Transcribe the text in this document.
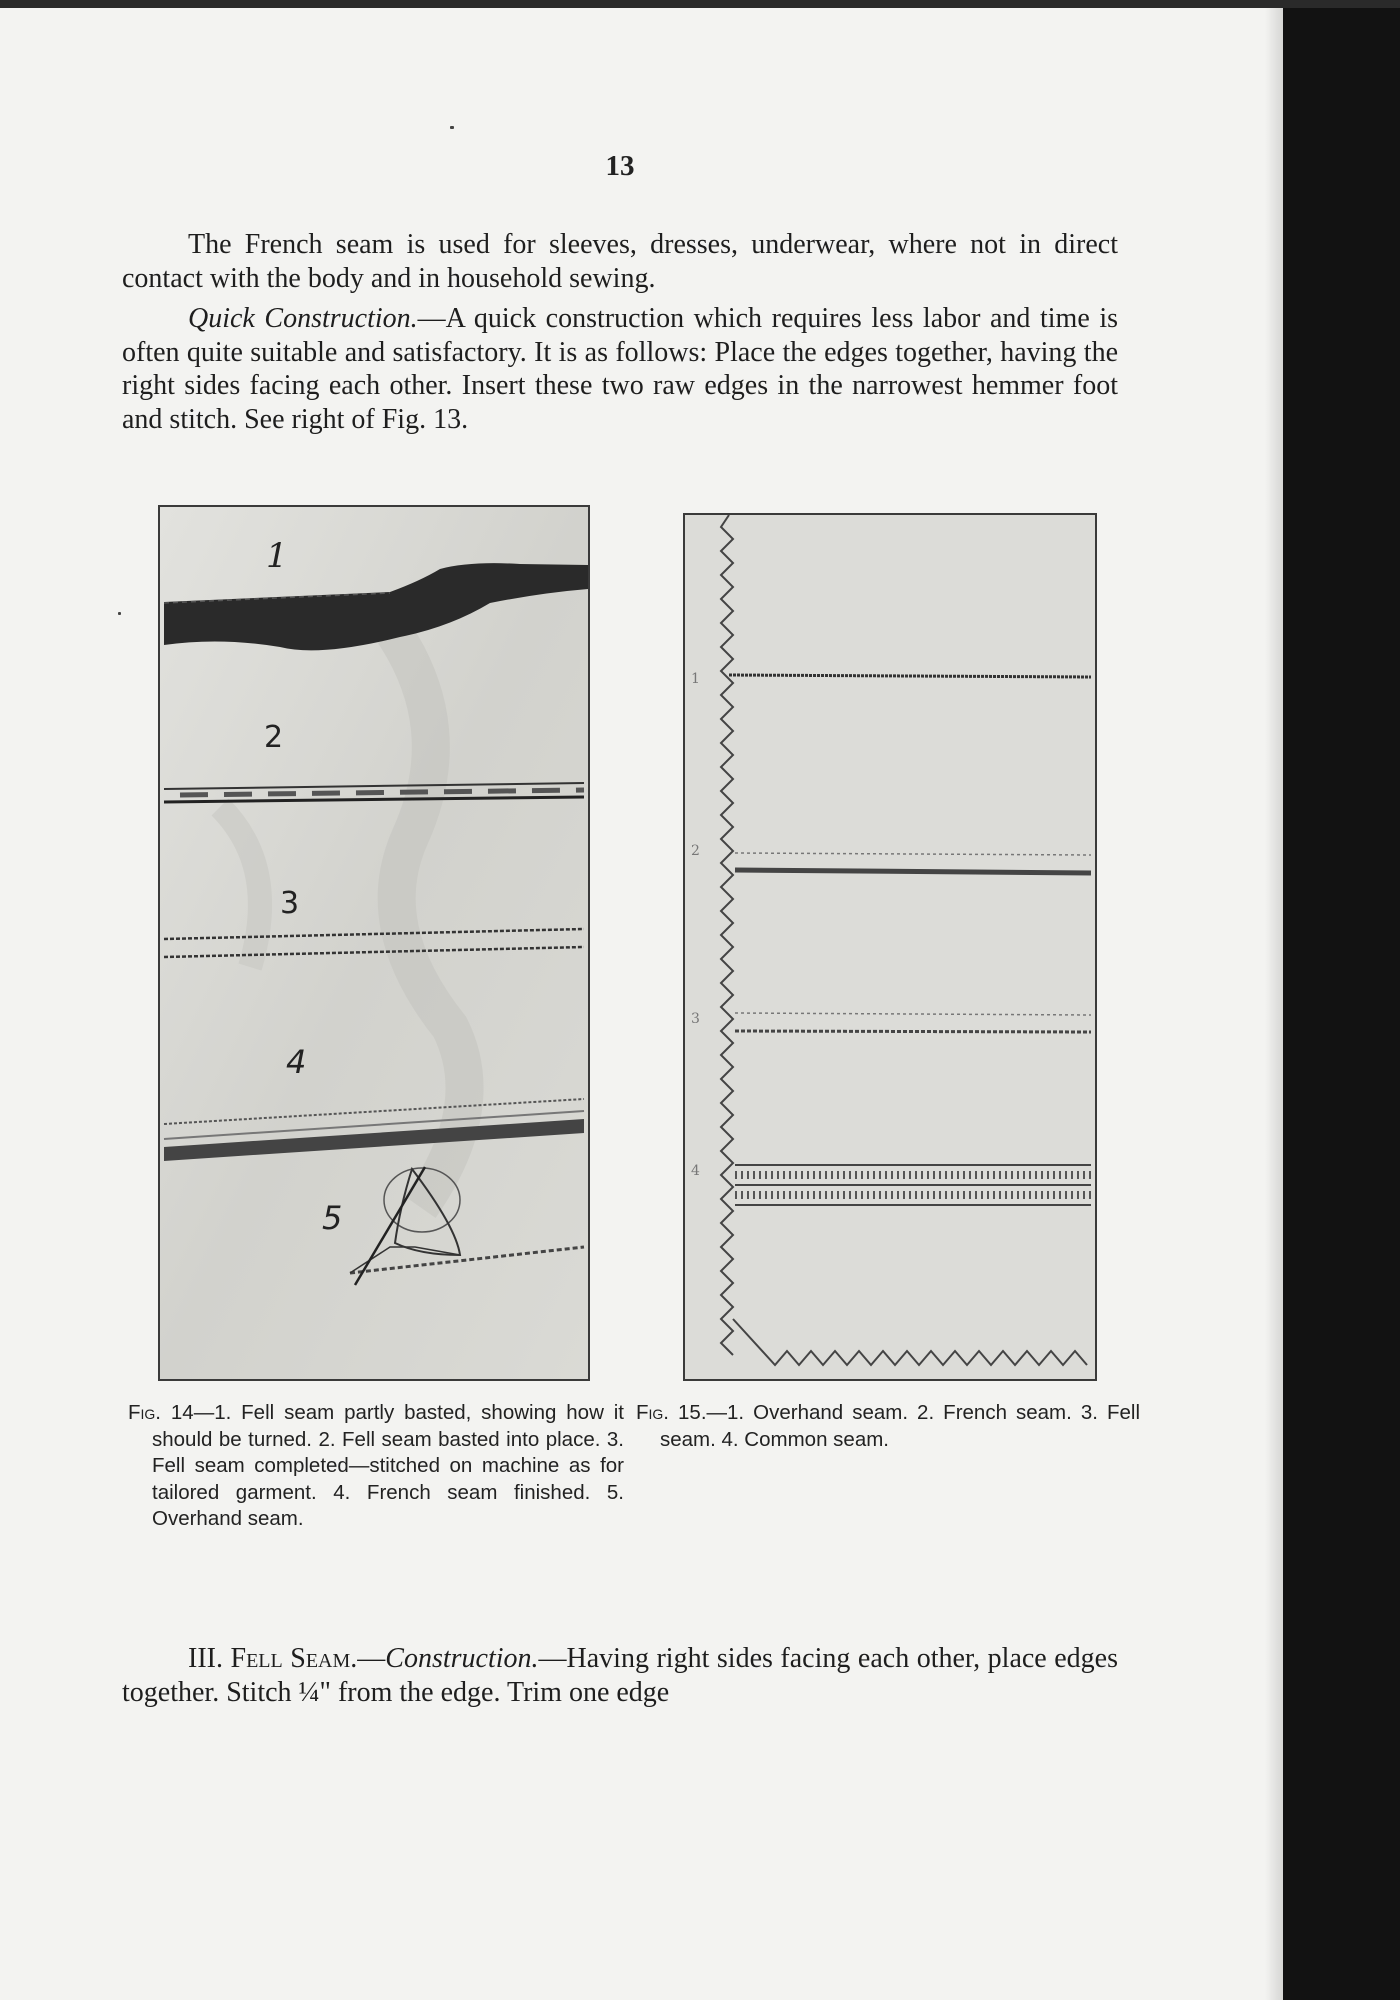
13

The French seam is used for sleeves, dresses, underwear, where not in direct contact with the body and in household sewing.

Quick Construction.—A quick construction which requires less labor and time is often quite suitable and satisfactory. It is as follows: Place the edges together, having the right sides facing each other. Insert these two raw edges in the narrowest hemmer foot and stitch. See right of Fig. 13.

1
2
3
4
5
1
2
3
4

Fig. 14—1. Fell seam partly basted, showing how it should be turned. 2. Fell seam basted into place. 3. Fell seam completed—stitched on machine as for tailored garment. 4. French seam finished. 5. Overhand seam.

Fig. 15.—1. Overhand seam. 2. French seam. 3. Fell seam. 4. Common seam.

III. Fell Seam.—Construction.—Having right sides facing each other, place edges together. Stitch ¼" from the edge. Trim one edge
